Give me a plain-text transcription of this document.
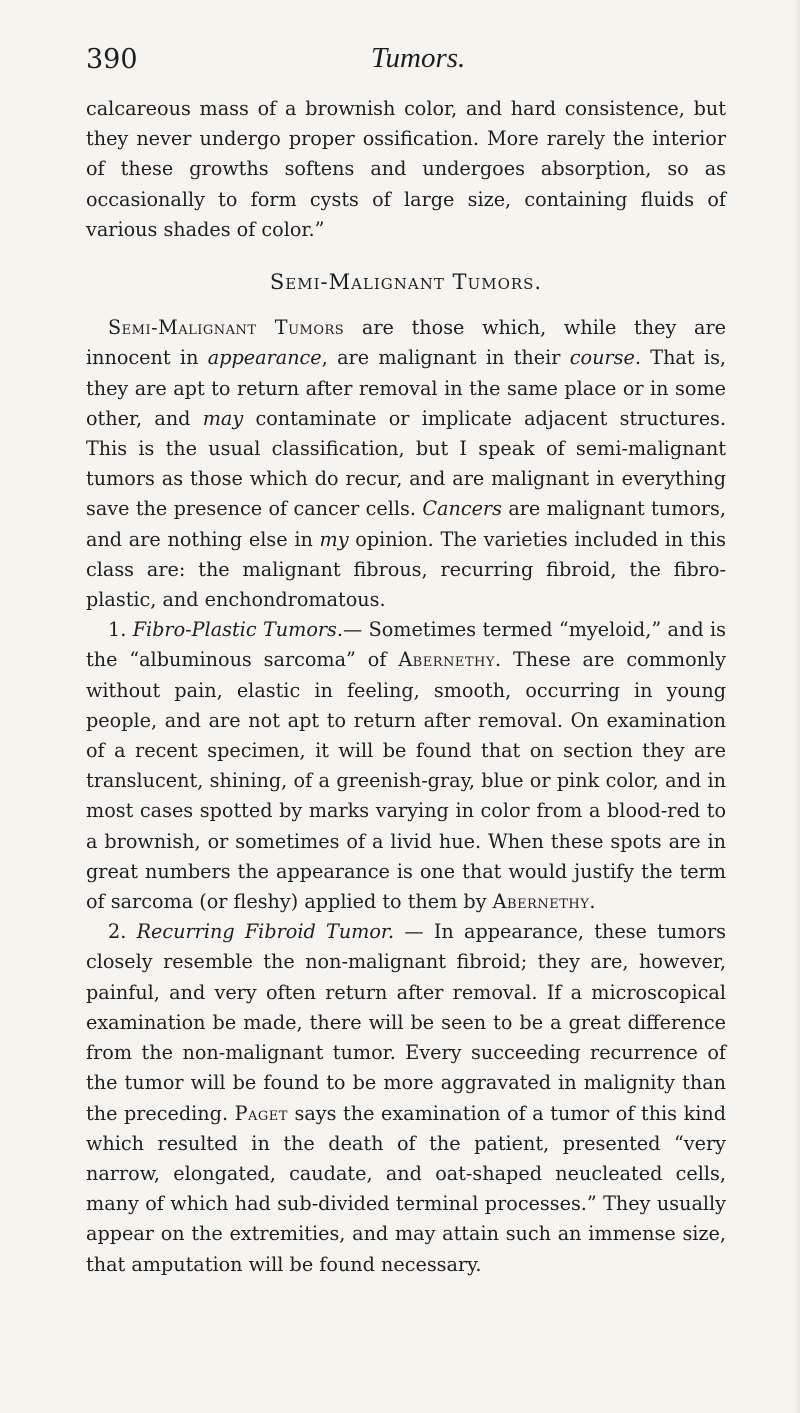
390	Tumors.

calcareous mass of a brownish color, and hard consistence, but they never undergo proper ossification. More rarely the interior of these growths softens and undergoes absorption, so as occasionally to form cysts of large size, containing fluids of various shades of color.”

Semi-Malignant Tumors.

Semi-Malignant Tumors are those which, while they are innocent in appearance, are malignant in their course. That is, they are apt to return after removal in the same place or in some other, and may contaminate or implicate adjacent structures. This is the usual classification, but I speak of semi-malignant tumors as those which do recur, and are malignant in everything save the presence of cancer cells. Cancers are malignant tumors, and are nothing else in my opinion. The varieties included in this class are: the malignant fibrous, recurring fibroid, the fibro-plastic, and enchondromatous.

1. Fibro-Plastic Tumors.— Sometimes termed “myeloid,” and is the “albuminous sarcoma” of Abernethy. These are commonly without pain, elastic in feeling, smooth, occurring in young people, and are not apt to return after removal. On examination of a recent specimen, it will be found that on section they are translucent, shining, of a greenish-gray, blue or pink color, and in most cases spotted by marks varying in color from a blood-red to a brownish, or sometimes of a livid hue. When these spots are in great numbers the appearance is one that would justify the term of sarcoma (or fleshy) applied to them by Abernethy.

2. Recurring Fibroid Tumor. — In appearance, these tumors closely resemble the non-malignant fibroid; they are, however, painful, and very often return after removal. If a microscopical examination be made, there will be seen to be a great difference from the non-malignant tumor. Every succeeding recurrence of the tumor will be found to be more aggravated in malignity than the preceding. Paget says the examination of a tumor of this kind which resulted in the death of the patient, presented “very narrow, elongated, caudate, and oat-shaped neucleated cells, many of which had sub-divided terminal processes.” They usually appear on the extremities, and may attain such an immense size, that amputation will be found necessary.
